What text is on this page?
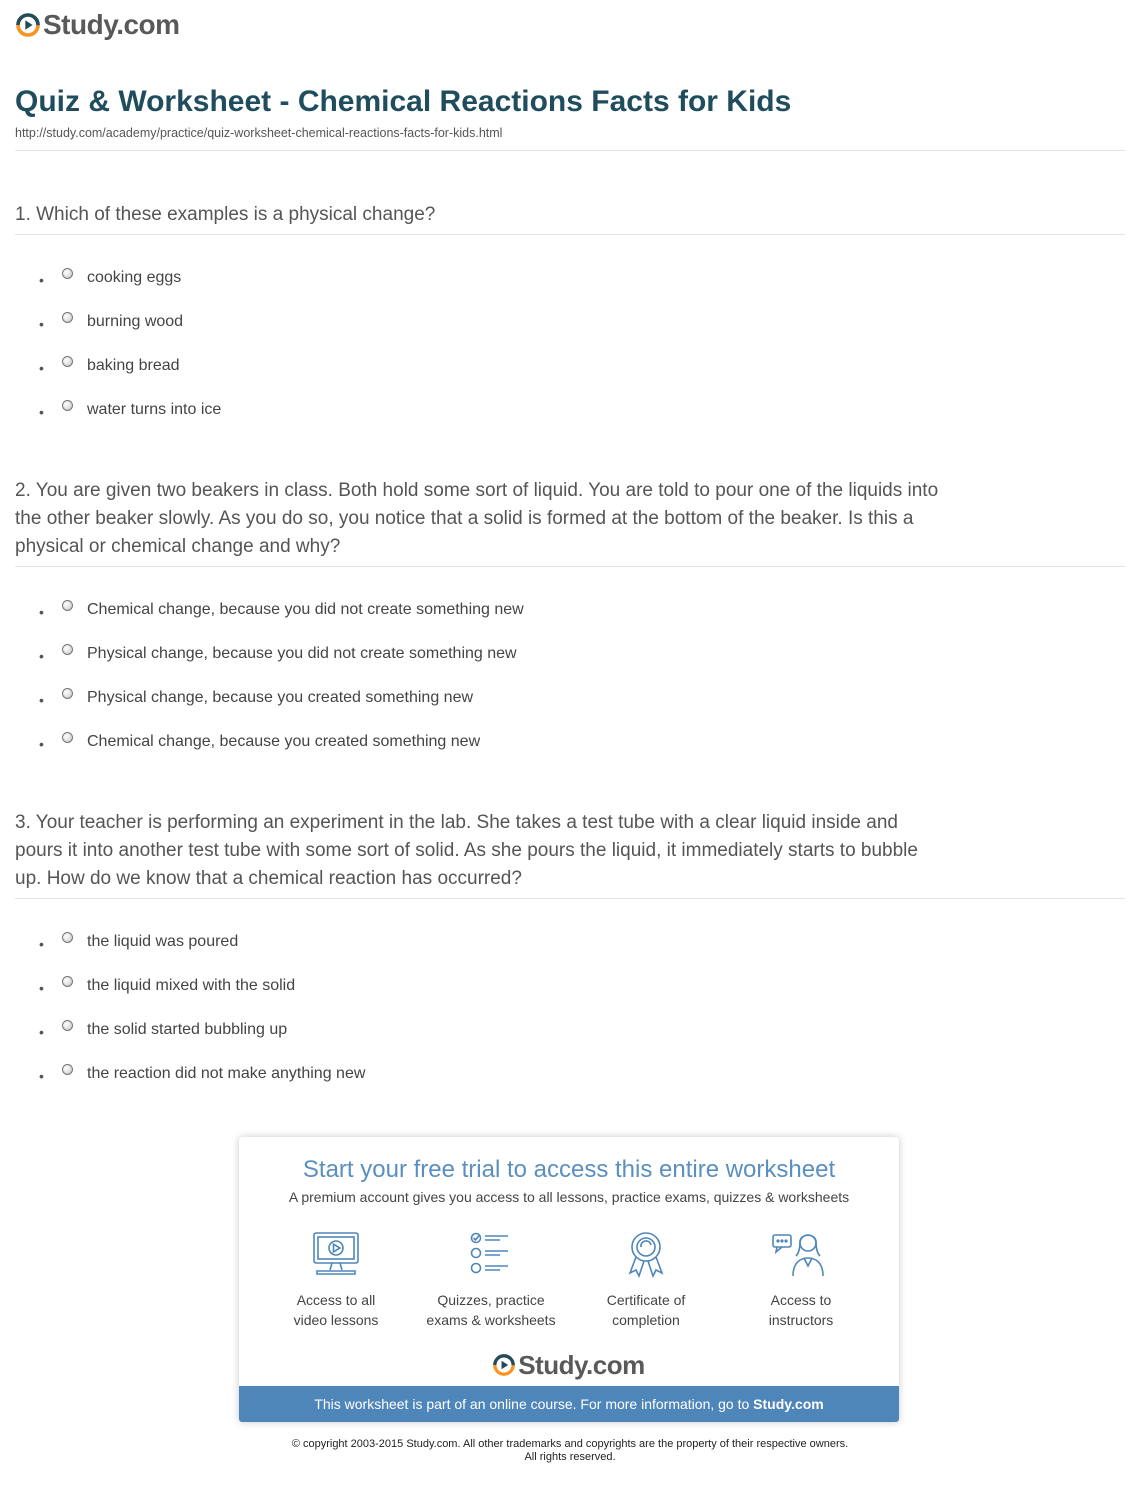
Study.com
Quiz & Worksheet - Chemical Reactions Facts for Kids
http://study.com/academy/practice/quiz-worksheet-chemical-reactions-facts-for-kids.html

1. Which of these examples is a physical change?

•	cooking eggs
•	burning wood
•	baking bread
•	water turns into ice

2. You are given two beakers in class. Both hold some sort of liquid. You are told to pour one of the liquids into the other beaker slowly. As you do so, you notice that a solid is formed at the bottom of the beaker. Is this a physical or chemical change and why?

•	Chemical change, because you did not create something new
•	Physical change, because you did not create something new
•	Physical change, because you created something new
•	Chemical change, because you created something new

3. Your teacher is performing an experiment in the lab. She takes a test tube with a clear liquid inside and pours it into another test tube with some sort of solid. As she pours the liquid, it immediately starts to bubble up. How do we know that a chemical reaction has occurred?

•	the liquid was poured
•	the liquid mixed with the solid
•	the solid started bubbling up
•	the reaction did not make anything new
Start your free trial to access this entire worksheet
A premium account gives you access to all lessons, practice exams, quizzes & worksheets
Access to all
video lessons
Quizzes, practice
exams & worksheets
Certificate of
completion
Access to
instructors
Study.com
This worksheet is part of an online course. For more information, go to Study.com
© copyright 2003-2015 Study.com. All other trademarks and copyrights are the property of their respective owners.
All rights reserved.
